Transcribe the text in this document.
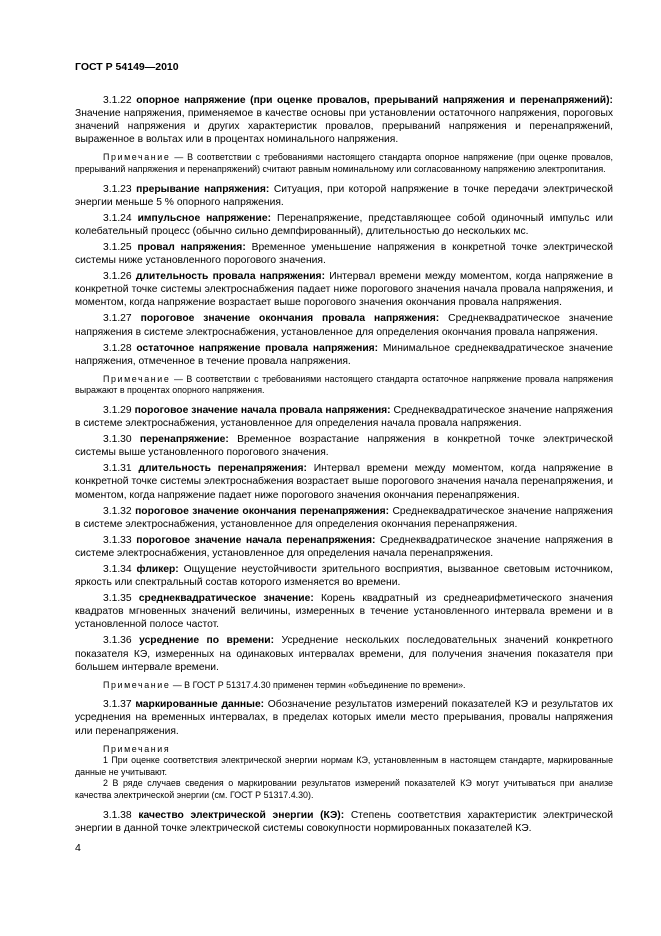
ГОСТ Р 54149—2010

3.1.22 опорное напряжение (при оценке провалов, прерываний напряжения и перенапряжений): Значение напряжения, применяемое в качестве основы при установлении остаточного напряжения, пороговых значений напряжения и других характеристик провалов, прерываний напряжения и перенапряжений, выраженное в вольтах или в процентах номинального напряжения.

Примечание — В соответствии с требованиями настоящего стандарта опорное напряжение (при оценке провалов, прерываний напряжения и перенапряжений) считают равным номинальному или согласованному напряжению электропитания.

3.1.23 прерывание напряжения: Ситуация, при которой напряжение в точке передачи электрической энергии меньше 5 % опорного напряжения.

3.1.24 импульсное напряжение: Перенапряжение, представляющее собой одиночный импульс или колебательный процесс (обычно сильно демпфированный), длительностью до нескольких мс.

3.1.25 провал напряжения: Временное уменьшение напряжения в конкретной точке электрической системы ниже установленного порогового значения.

3.1.26 длительность провала напряжения: Интервал времени между моментом, когда напряжение в конкретной точке системы электроснабжения падает ниже порогового значения начала провала напряжения, и моментом, когда напряжение возрастает выше порогового значения окончания провала напряжения.

3.1.27 пороговое значение окончания провала напряжения: Среднеквадратическое значение напряжения в системе электроснабжения, установленное для определения окончания провала напряжения.

3.1.28 остаточное напряжение провала напряжения: Минимальное среднеквадратическое значение напряжения, отмеченное в течение провала напряжения.

Примечание — В соответствии с требованиями настоящего стандарта остаточное напряжение провала напряжения выражают в процентах опорного напряжения.

3.1.29 пороговое значение начала провала напряжения: Среднеквадратическое значение напряжения в системе электроснабжения, установленное для определения начала провала напряжения.

3.1.30 перенапряжение: Временное возрастание напряжения в конкретной точке электрической системы выше установленного порогового значения.

3.1.31 длительность перенапряжения: Интервал времени между моментом, когда напряжение в конкретной точке системы электроснабжения возрастает выше порогового значения начала перенапряжения, и моментом, когда напряжение падает ниже порогового значения окончания перенапряжения.

3.1.32 пороговое значение окончания перенапряжения: Среднеквадратическое значение напряжения в системе электроснабжения, установленное для определения окончания перенапряжения.

3.1.33 пороговое значение начала перенапряжения: Среднеквадратическое значение напряжения в системе электроснабжения, установленное для определения начала перенапряжения.

3.1.34 фликер: Ощущение неустойчивости зрительного восприятия, вызванное световым источником, яркость или спектральный состав которого изменяется во времени.

3.1.35 среднеквадратическое значение: Корень квадратный из среднеарифметического значения квадратов мгновенных значений величины, измеренных в течение установленного интервала времени и в установленной полосе частот.

3.1.36 усреднение по времени: Усреднение нескольких последовательных значений конкретного показателя КЭ, измеренных на одинаковых интервалах времени, для получения значения показателя при большем интервале времени.

Примечание — В ГОСТ Р 51317.4.30 применен термин «объединение по времени».

3.1.37 маркированные данные: Обозначение результатов измерений показателей КЭ и результатов их усреднения на временных интервалах, в пределах которых имели место прерывания, провалы напряжения или перенапряжения.

Примечания

1 При оценке соответствия электрической энергии нормам КЭ, установленным в настоящем стандарте, маркированные данные не учитывают.

2 В ряде случаев сведения о маркировании результатов измерений показателей КЭ могут учитываться при анализе качества электрической энергии (см. ГОСТ Р 51317.4.30).

3.1.38 качество электрической энергии (КЭ): Степень соответствия характеристик электрической энергии в данной точке электрической системы совокупности нормированных показателей КЭ.

4
